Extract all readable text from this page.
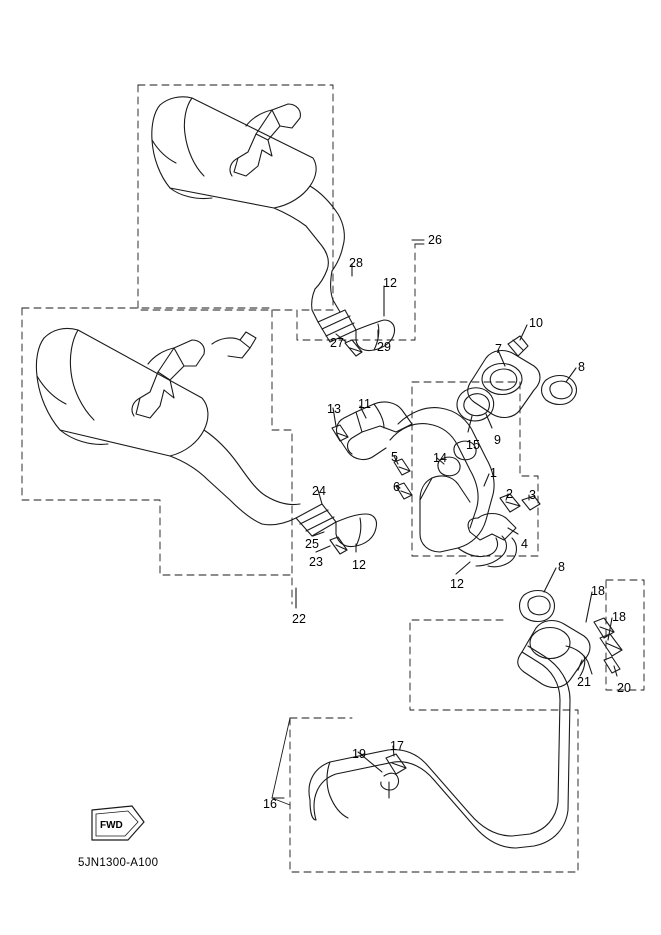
FWD
26
28
12
27	29
10
7
8
13 11
15 9
5	14
1
6	2 3
24
4
25
23 12
12
8
18
18
21 20
22
17
19
16
5JN1300-A100
